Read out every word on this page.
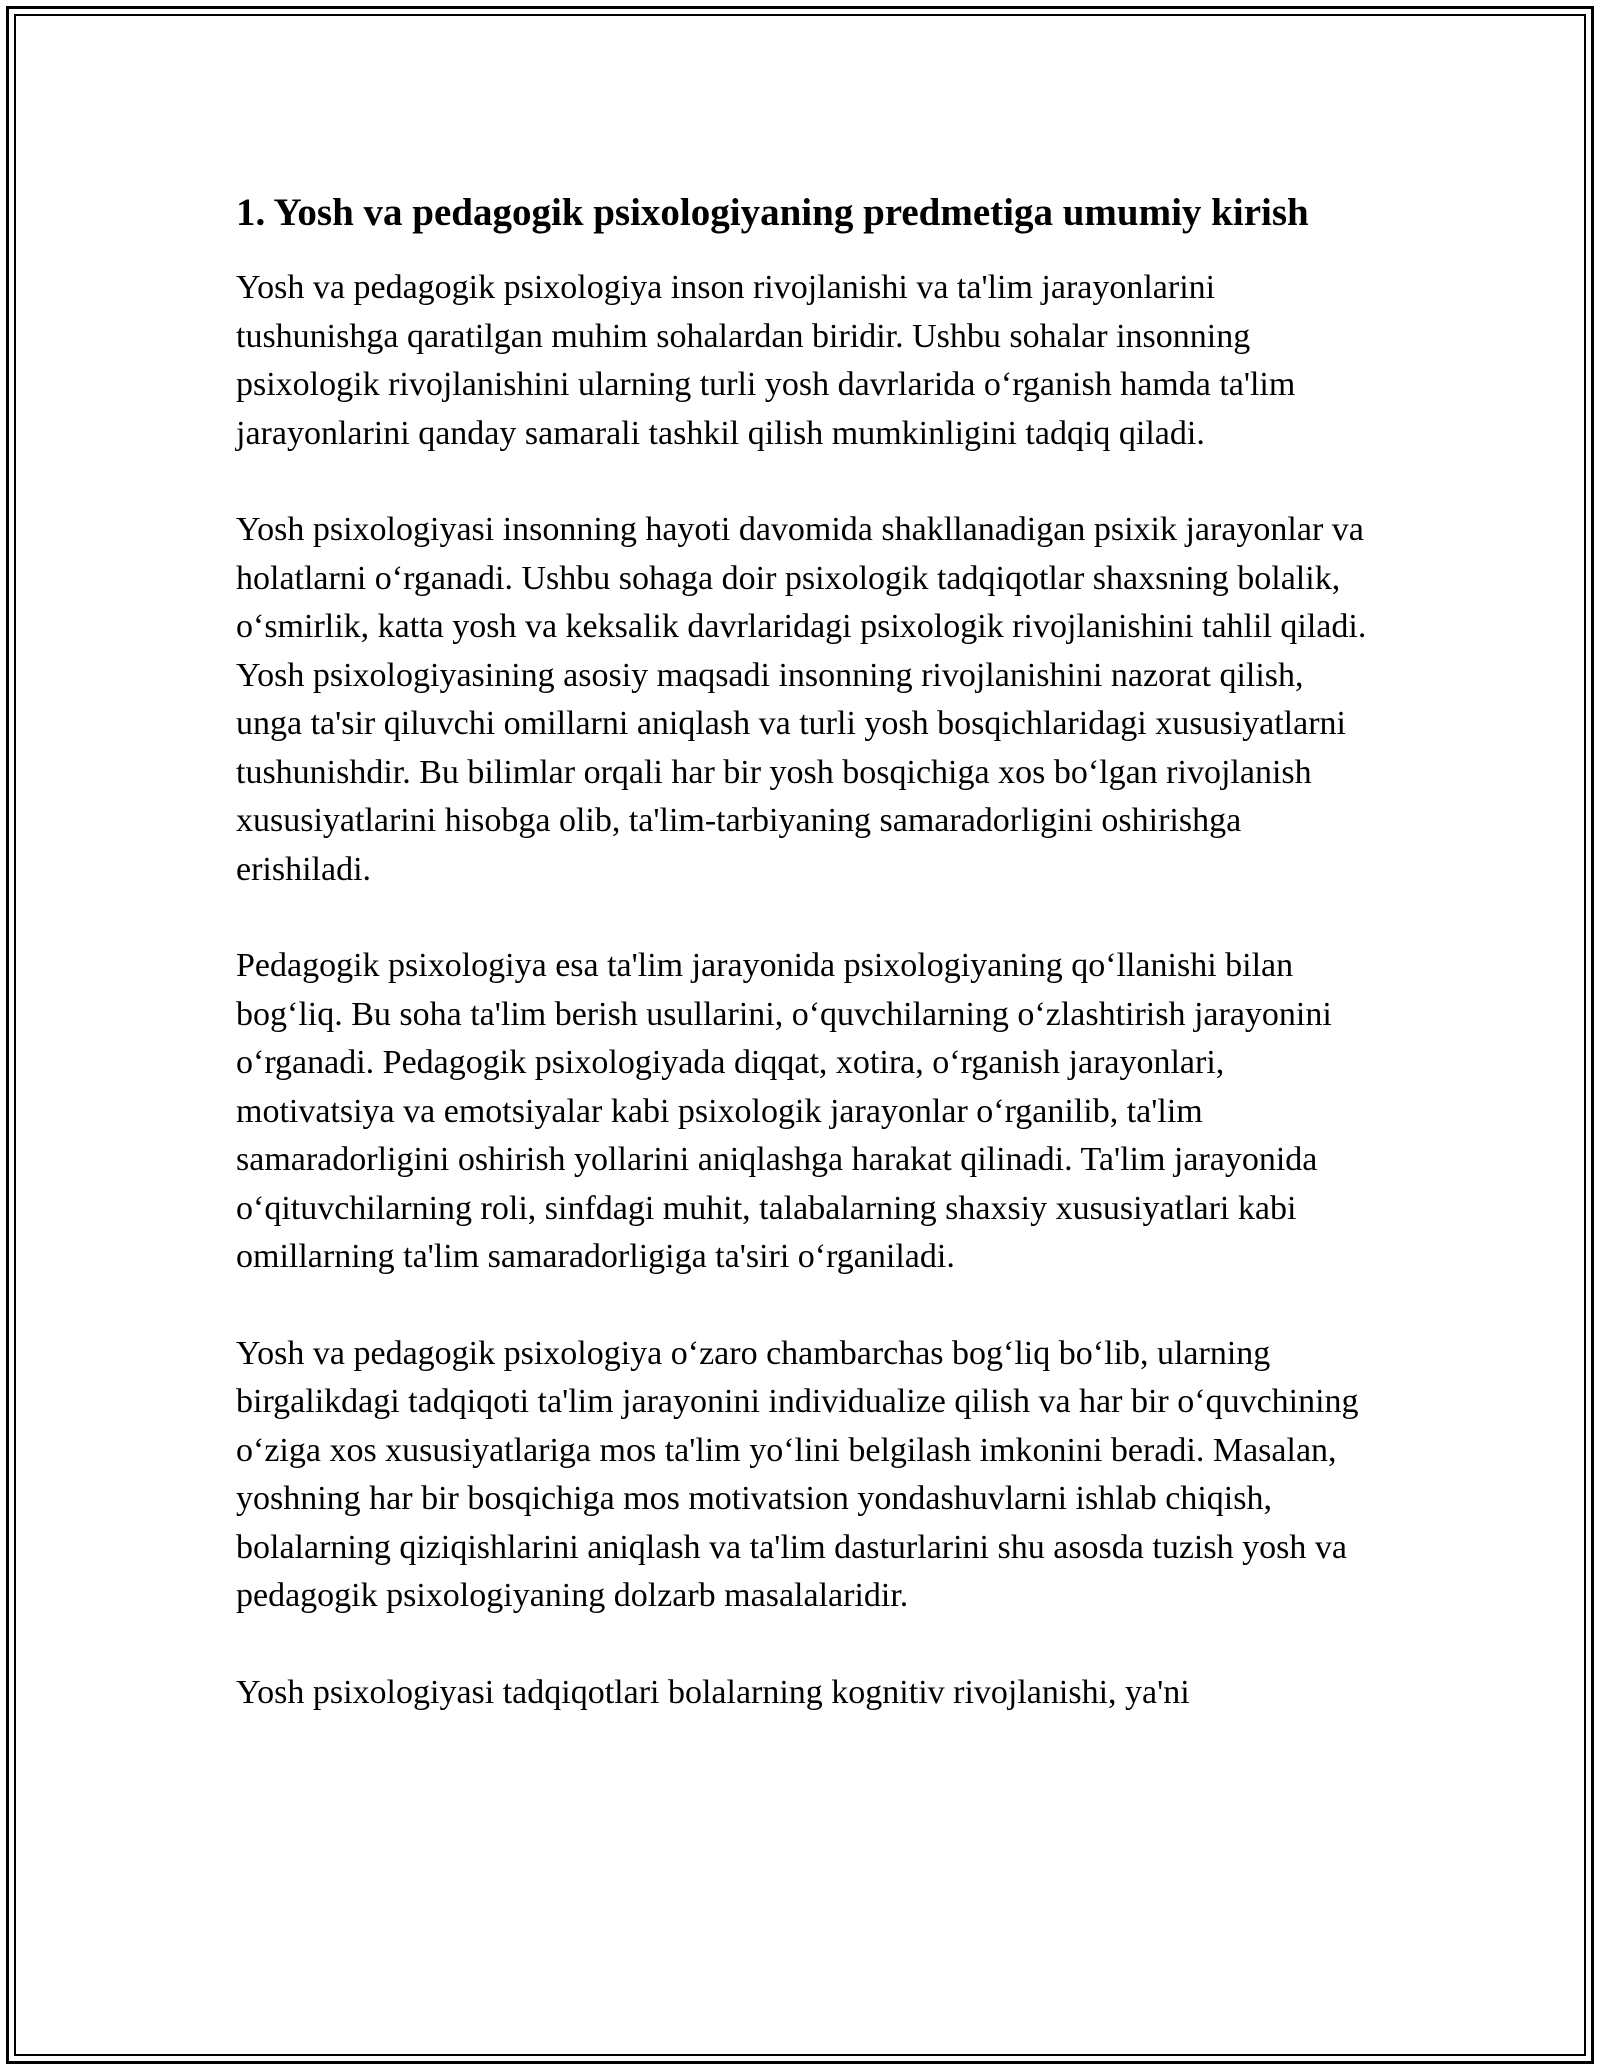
1. Yosh va pedagogik psixologiyaning predmetiga umumiy kirish

Yosh va pedagogik psixologiya inson rivojlanishi va ta'lim jarayonlarini tushunishga qaratilgan muhim sohalardan biridir. Ushbu sohalar insonning psixologik rivojlanishini ularning turli yosh davrlarida o‘rganish hamda ta'lim jarayonlarini qanday samarali tashkil qilish mumkinligini tadqiq qiladi.

Yosh psixologiyasi insonning hayoti davomida shakllanadigan psixik jarayonlar va holatlarni o‘rganadi. Ushbu sohaga doir psixologik tadqiqotlar shaxsning bolalik, o‘smirlik, katta yosh va keksalik davrlaridagi psixologik rivojlanishini tahlil qiladi. Yosh psixologiyasining asosiy maqsadi insonning rivojlanishini nazorat qilish, unga ta'sir qiluvchi omillarni aniqlash va turli yosh bosqichlaridagi xususiyatlarni tushunishdir. Bu bilimlar orqali har bir yosh bosqichiga xos bo‘lgan rivojlanish xususiyatlarini hisobga olib, ta'lim-tarbiyaning samaradorligini oshirishga erishiladi.

Pedagogik psixologiya esa ta'lim jarayonida psixologiyaning qo‘llanishi bilan bog‘liq. Bu soha ta'lim berish usullarini, o‘quvchilarning o‘zlashtirish jarayonini o‘rganadi. Pedagogik psixologiyada diqqat, xotira, o‘rganish jarayonlari, motivatsiya va emotsiyalar kabi psixologik jarayonlar o‘rganilib, ta'lim samaradorligini oshirish yollarini aniqlashga harakat qilinadi. Ta'lim jarayonida o‘qituvchilarning roli, sinfdagi muhit, talabalarning shaxsiy xususiyatlari kabi omillarning ta'lim samaradorligiga ta'siri o‘rganiladi.

Yosh va pedagogik psixologiya o‘zaro chambarchas bog‘liq bo‘lib, ularning birgalikdagi tadqiqoti ta'lim jarayonini individualize qilish va har bir o‘quvchining o‘ziga xos xususiyatlariga mos ta'lim yo‘lini belgilash imkonini beradi. Masalan, yoshning har bir bosqichiga mos motivatsion yondashuvlarni ishlab chiqish, bolalarning qiziqishlarini aniqlash va ta'lim dasturlarini shu asosda tuzish yosh va pedagogik psixologiyaning dolzarb masalalaridir.

Yosh psixologiyasi tadqiqotlari bolalarning kognitiv rivojlanishi, ya'ni
